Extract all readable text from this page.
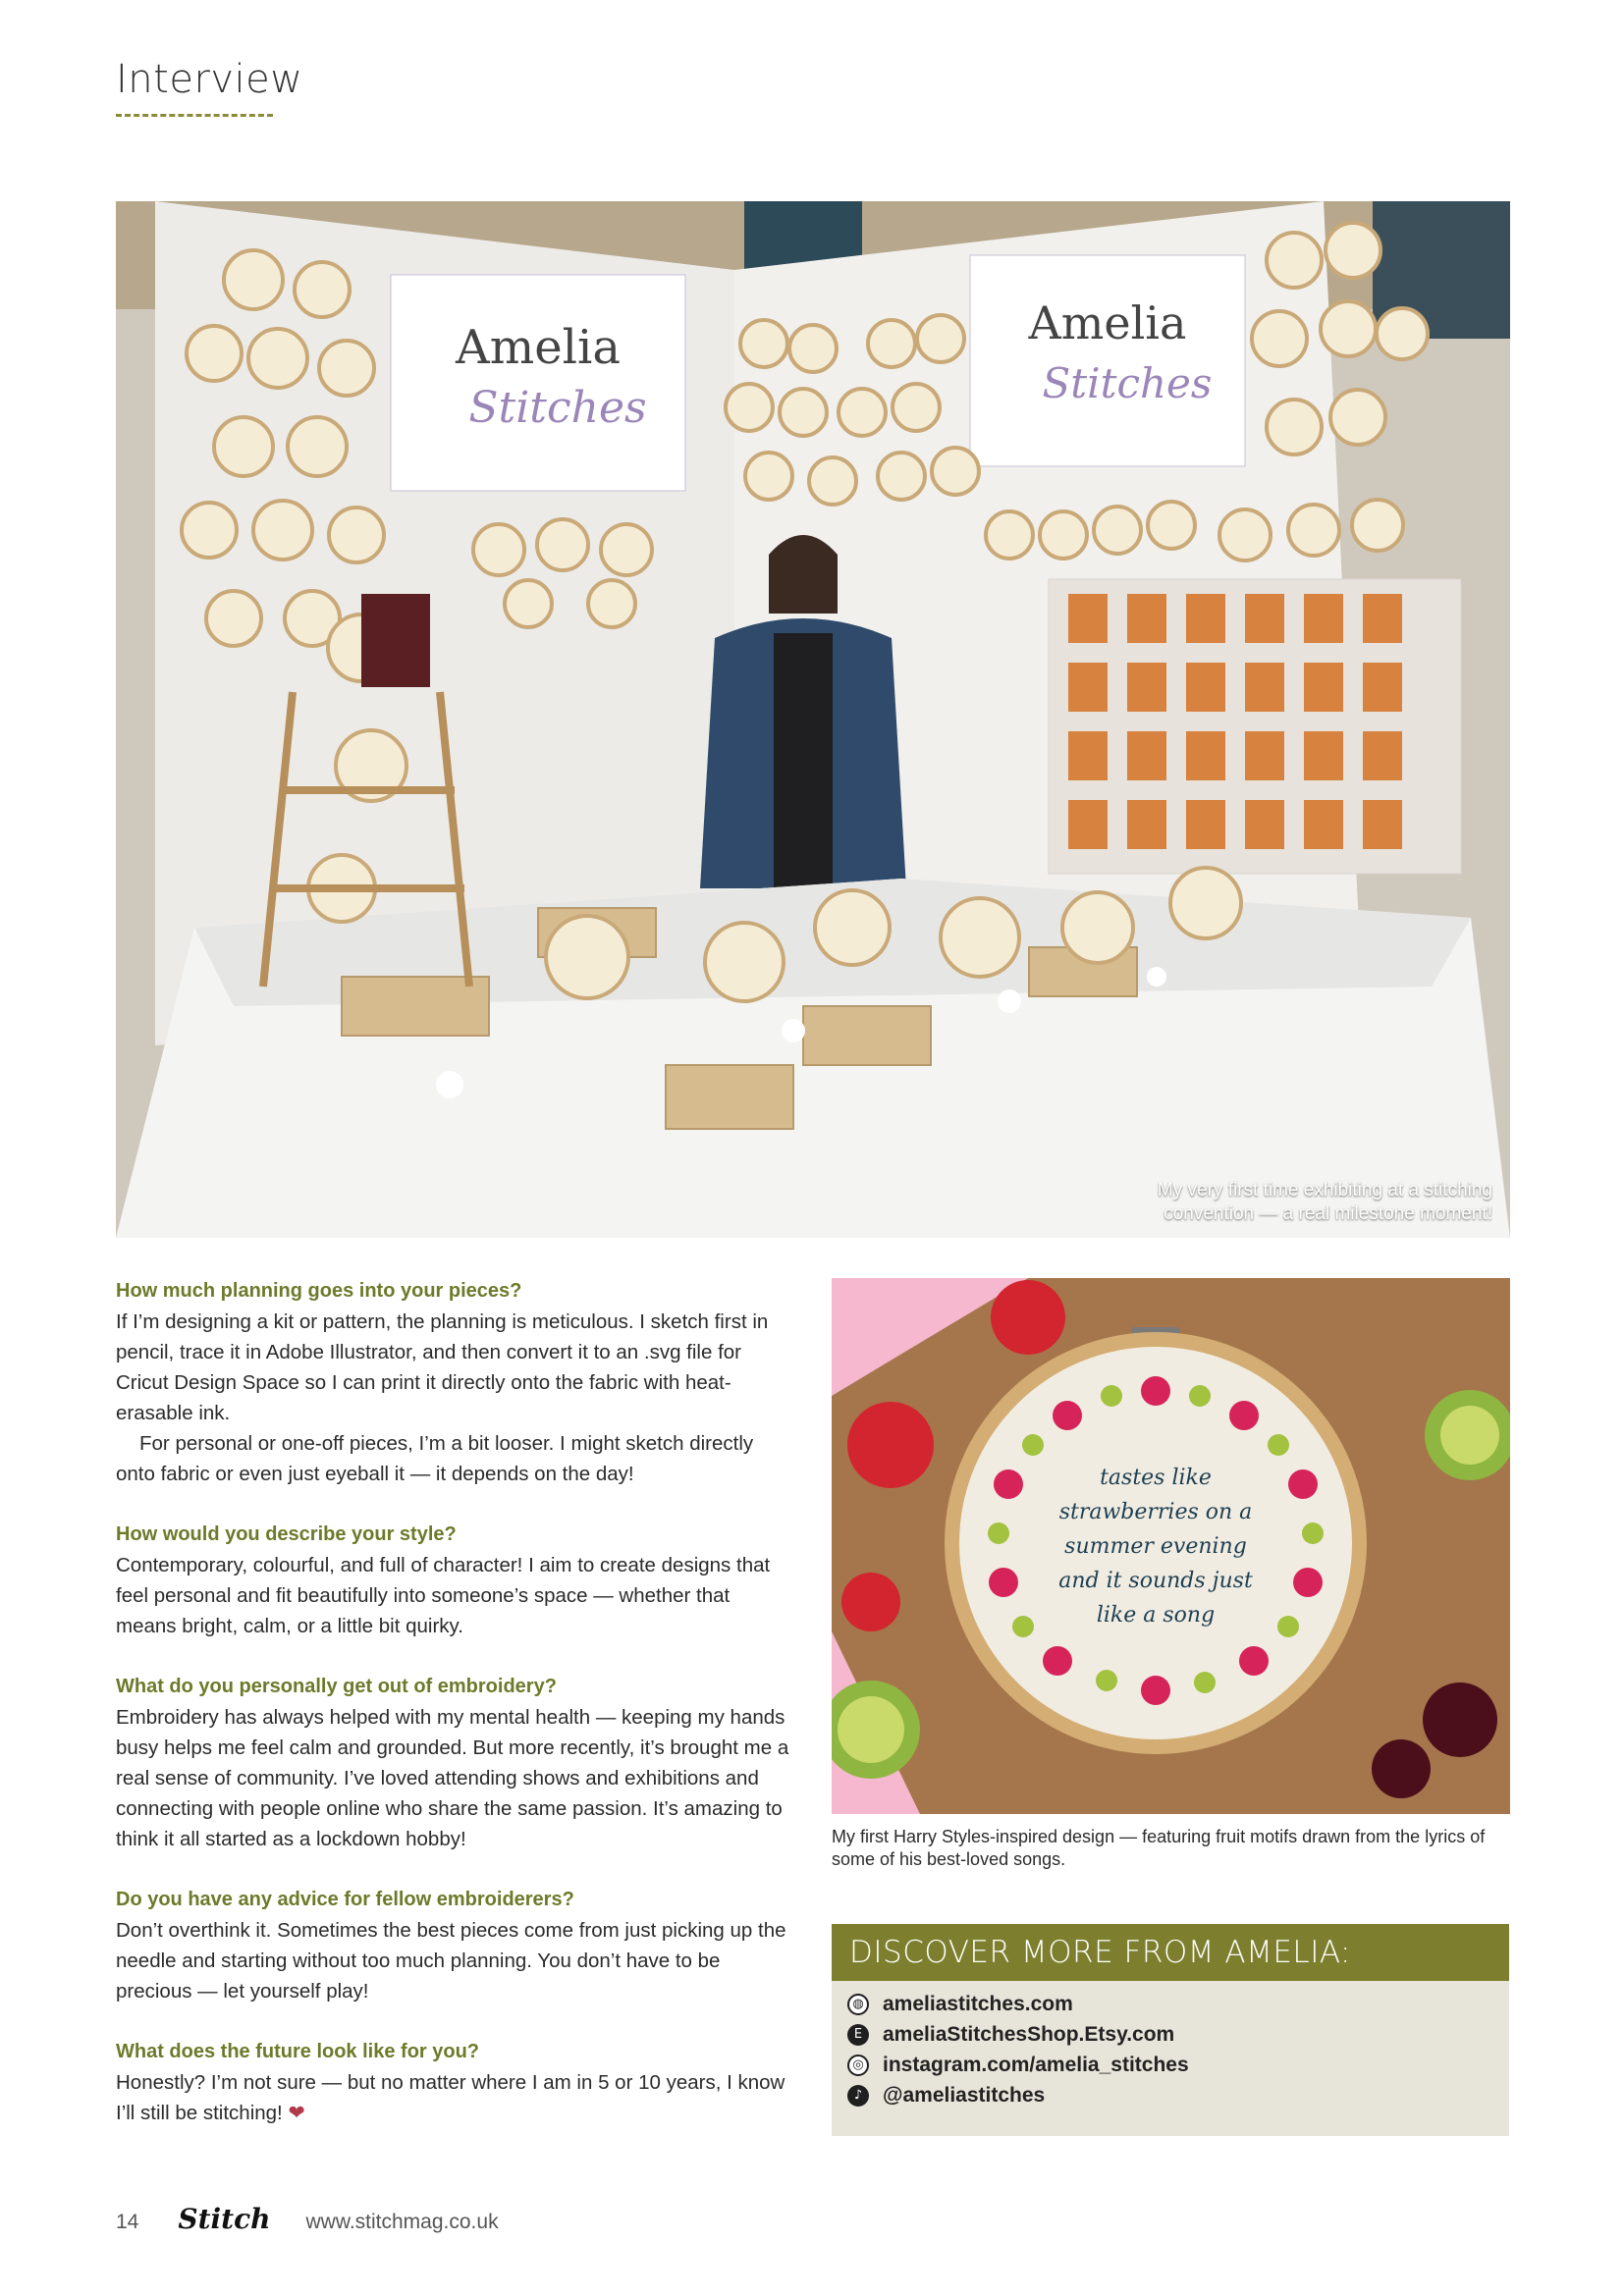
Interview
Amelia
Stitches
Amelia
Stitches
My very first time exhibiting at a stitching convention — a real milestone moment!

How much planning goes into your pieces?

If I’m designing a kit or pattern, the planning is meticulous. I sketch first in pencil, trace it in Adobe Illustrator, and then convert it to an .svg file for Cricut Design Space so I can print it directly onto the fabric with heat-erasable ink.

For personal or one-off pieces, I’m a bit looser. I might sketch directly onto fabric or even just eyeball it — it depends on the day!

How would you describe your style?

Contemporary, colourful, and full of character! I aim to create designs that feel personal and fit beautifully into someone’s space — whether that means bright, calm, or a little bit quirky.

What do you personally get out of embroidery?

Embroidery has always helped with my mental health — keeping my hands busy helps me feel calm and grounded. But more recently, it’s brought me a real sense of community. I’ve loved attending shows and exhibitions and connecting with people online who share the same passion. It’s amazing to think it all started as a lockdown hobby!

Do you have any advice for fellow embroiderers?

Don’t overthink it. Sometimes the best pieces come from just picking up the needle and starting without too much planning. You don’t have to be precious — let yourself play!

What does the future look like for you?

Honestly? I’m not sure — but no matter where I am in 5 or 10 years, I know I’ll still be stitching! ❤

tastes like
strawberries on a
summer evening
and it sounds just
like a song
My first Harry Styles-inspired design — featuring fruit motifs drawn from the lyrics of some of his best-loved songs.
DISCOVER MORE FROM AMELIA:
◍ ameliastitches.com
E ameliaStitchesShop.Etsy.com
◎ instagram.com/amelia_stitches
♪ @ameliastitches
14 Stitch www.stitchmag.co.uk
